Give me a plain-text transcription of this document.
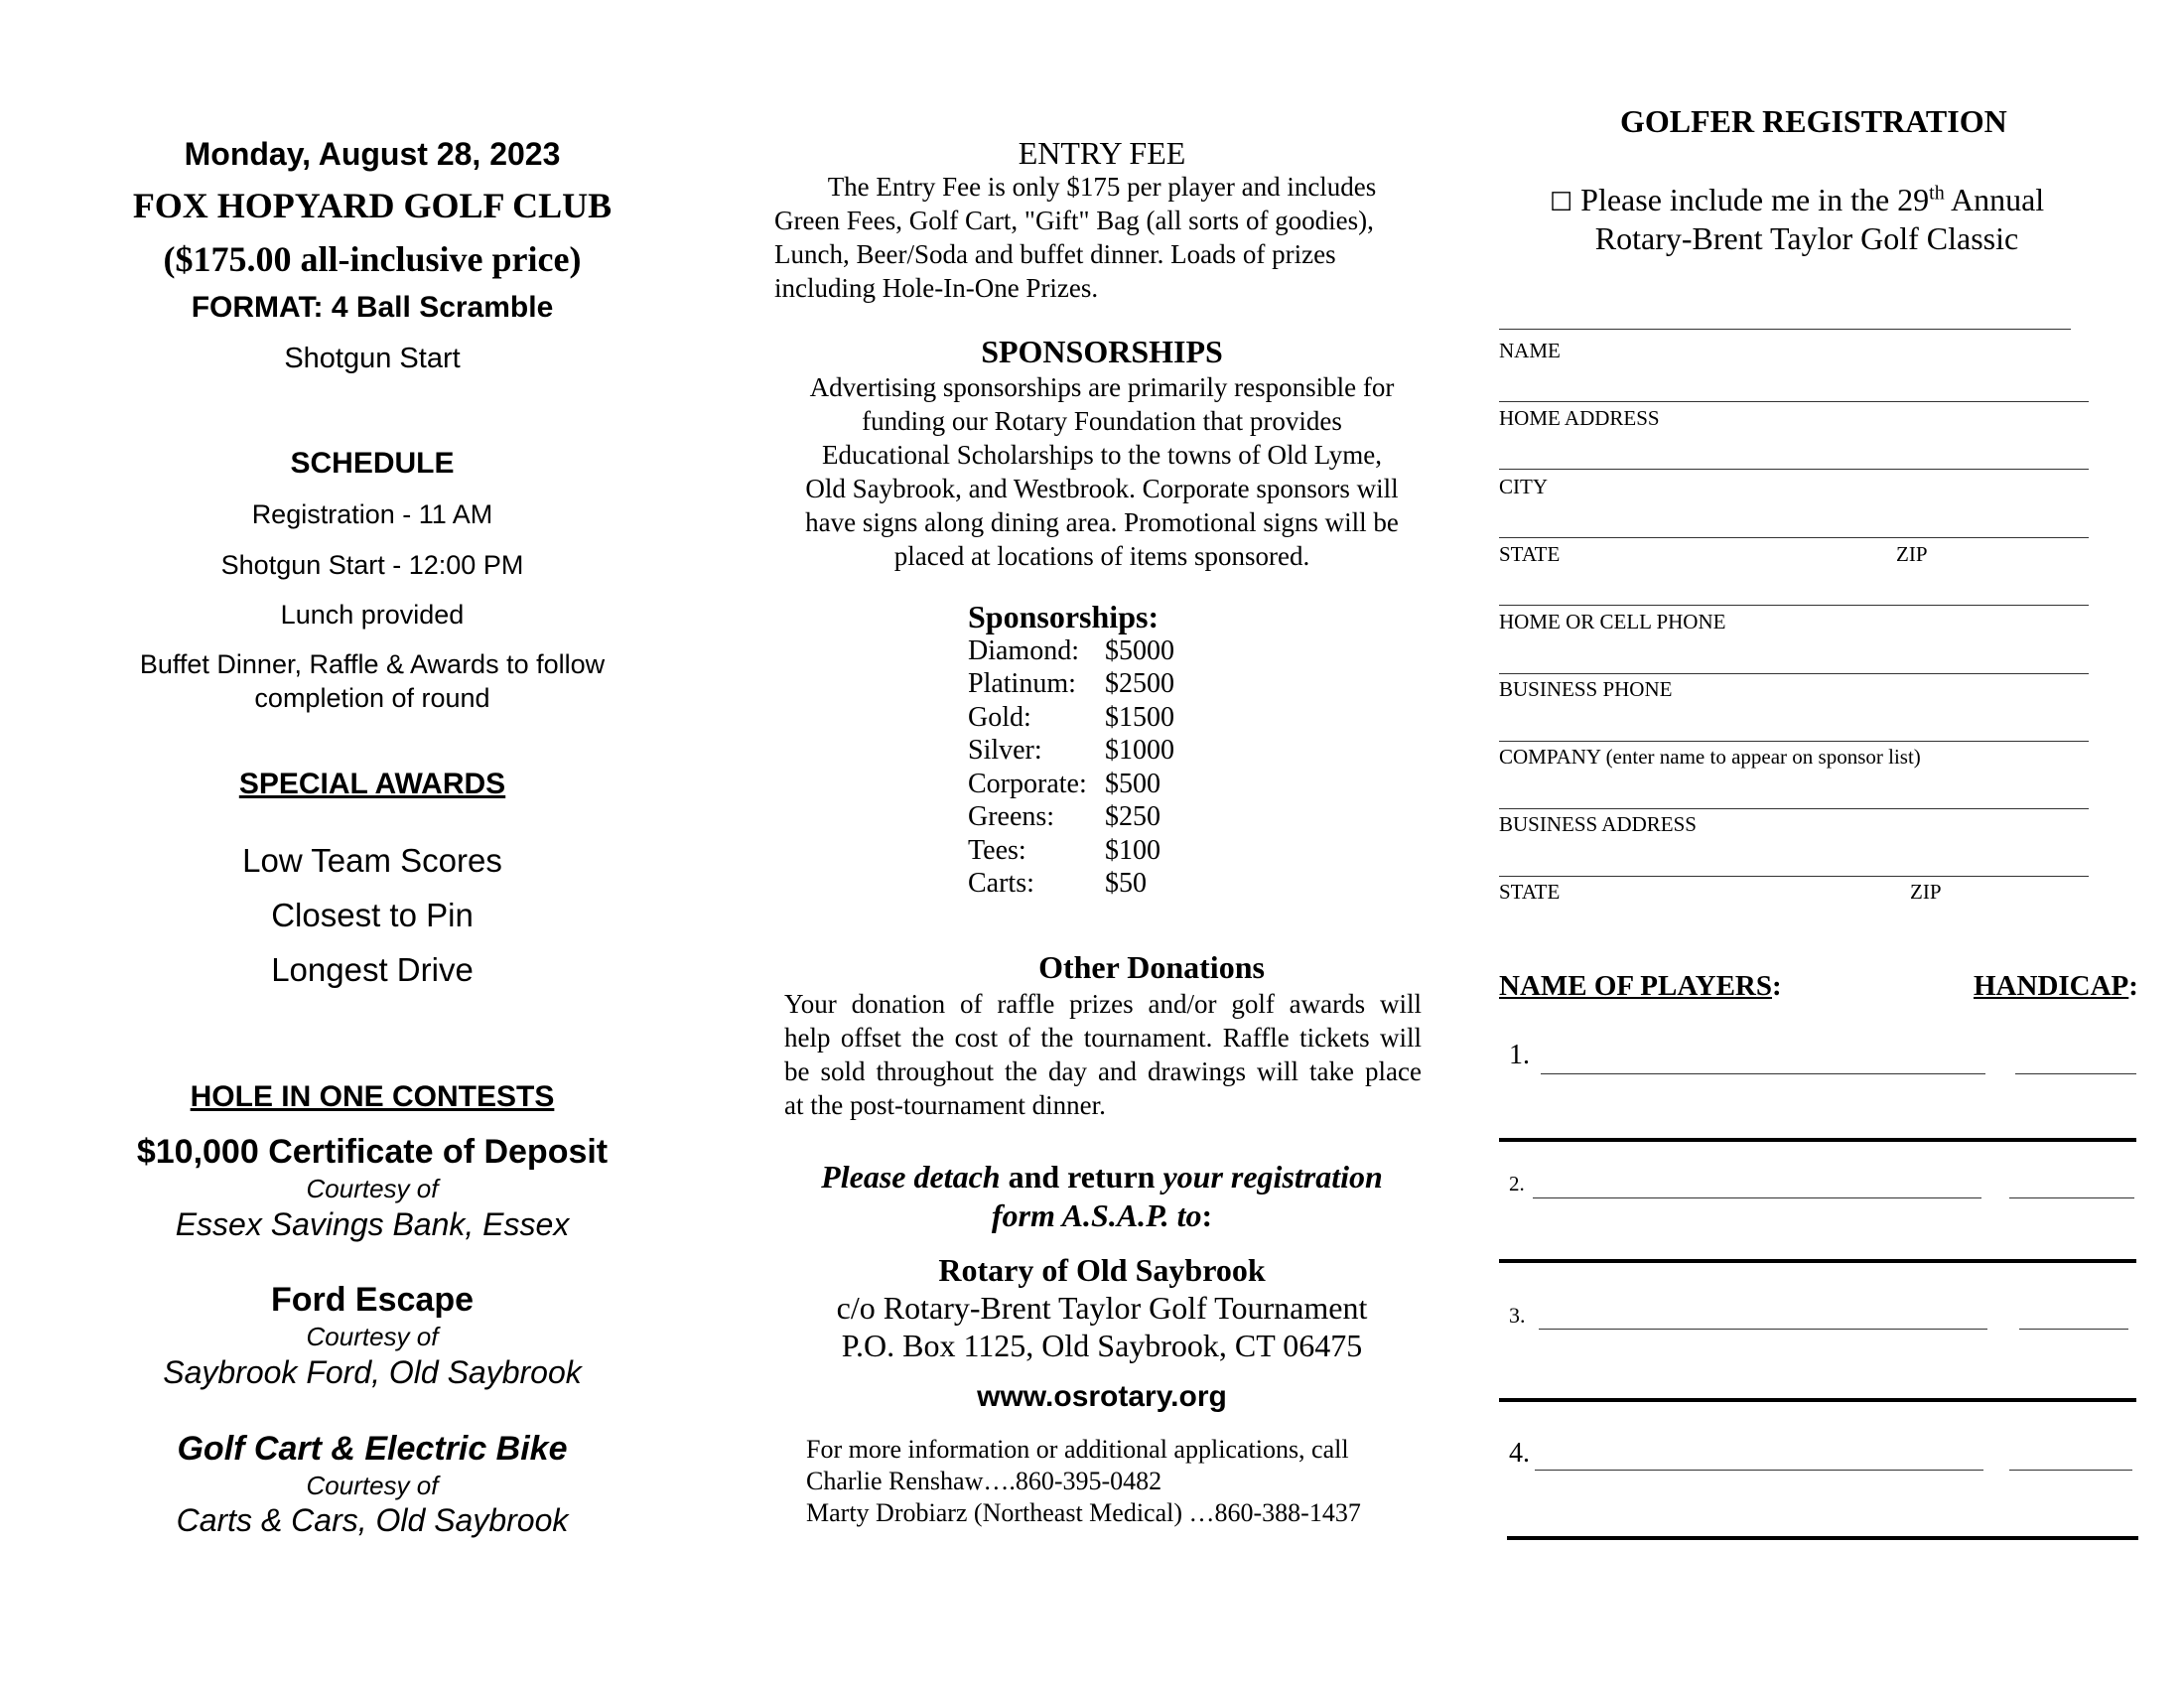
Monday, August 28, 2023
FOX HOPYARD GOLF CLUB
($175.00 all-inclusive price)
FORMAT: 4 Ball Scramble
Shotgun Start
SCHEDULE
Registration - 11 AM
Shotgun Start - 12:00 PM
Lunch provided
Buffet Dinner, Raffle & Awards to follow
completion of round
SPECIAL AWARDS
Low Team Scores
Closest to Pin
Longest Drive
HOLE IN ONE CONTESTS
$10,000 Certificate of Deposit
Courtesy of
Essex Savings Bank, Essex
Ford Escape
Courtesy of
Saybrook Ford, Old Saybrook
Golf Cart & Electric Bike
Courtesy of
Carts & Cars, Old Saybrook
ENTRY FEE
The Entry Fee is only $175 per player and includes
Green Fees, Golf Cart, "Gift" Bag (all sorts of goodies),
Lunch, Beer/Soda and buffet dinner. Loads of prizes
including Hole-In-One Prizes.
SPONSORSHIPS
Advertising sponsorships are primarily responsible for
funding our Rotary Foundation that provides
Educational Scholarships to the towns of Old Lyme,
Old Saybrook, and Westbrook. Corporate sponsors will
have signs along dining area. Promotional signs will be
placed at locations of items sponsored.
Sponsorships:
Diamond: $5000
Platinum:	$2500
Gold:	$1500
Silver:	$1000
Corporate: $500
Greens:	$250
Tees:	$100
Carts:	$50
Other Donations
Your donation of raffle prizes and/or golf awards will
help offset the cost of the tournament. Raffle tickets will
be sold throughout the day and drawings will take place
at the post-tournament dinner.
Please detach and return your registration
form A.S.A.P. to:
Rotary of Old Saybrook
c/o Rotary-Brent Taylor Golf Tournament
P.O. Box 1125, Old Saybrook, CT 06475
www.osrotary.org
For more information or additional applications, call
Charlie Renshaw….860-395-0482
Marty Drobiarz (Northeast Medical) …860-388-1437
GOLFER REGISTRATION
☐ Please include me in the 29th Annual
Rotary-Brent Taylor Golf Classic
NAME
HOME ADDRESS
CITY
STATE	ZIP
HOME OR CELL PHONE
BUSINESS PHONE
COMPANY (enter name to appear on sponsor list)
BUSINESS ADDRESS
STATE	ZIP
NAME OF PLAYERS:	HANDICAP:
1.
2.
3.
4.
